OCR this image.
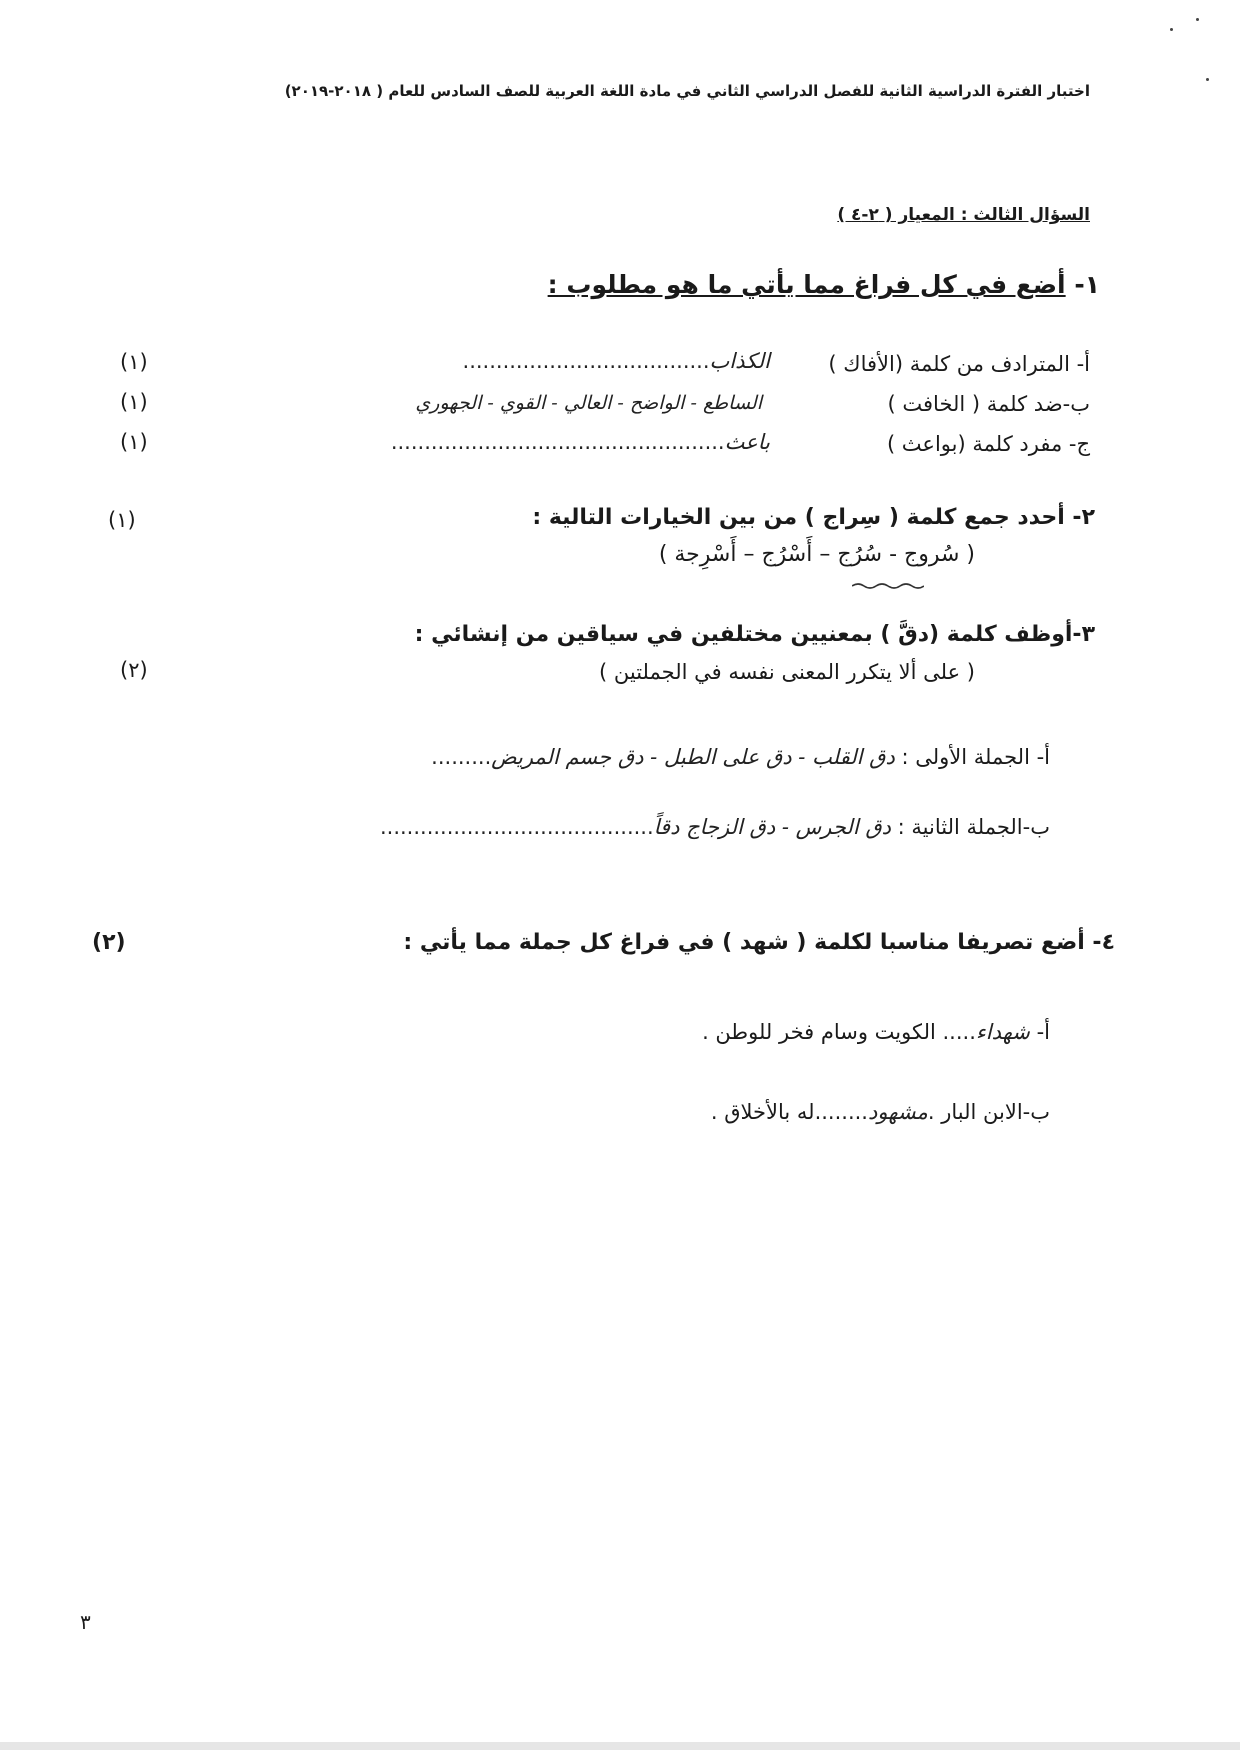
اختبار الفترة الدراسية الثانية للفصل الدراسي الثاني في مادة اللغة العربية للصف السادس للعام ( ٢٠١٨-٢٠١٩)
السؤال الثالث : المعيار ( ٢-٤ )
١- أضع في كل فراغ مما يأتي ما هو مطلوب :
أ- المترادف من كلمة (الأفاك )
الكذاب.....................................
(١)
ب-ضد كلمة ( الخافت )
الساطع - الواضح - العالي - القوي - الجهوري
(١)
ج- مفرد كلمة (بواعث )
باعث..................................................
(١)
٢- أحدد جمع كلمة ( سِراج ) من بين الخيارات التالية :
(١)
( سُروج - سُرُج – أَسْرُج – أَسْرِجة )
٣-أوظف كلمة (دقَّ ) بمعنيين مختلفين في سياقين من إنشائي :
(٢)	( على ألا يتكرر المعنى نفسه في الجملتين )
أ- الجملة الأولى : دق القلب - دق على الطبل - دق جسم المريض.........
ب-الجملة الثانية : دق الجرس - دق الزجاج دقاً.........................................
٤- أضع تصريفا مناسبا لكلمة ( شهد ) في فراغ كل جملة مما يأتي :
(٢)
أ- شهداء..... الكويت وسام فخر للوطن .
ب-الابن البار .مشهود........له بالأخلاق .
٣
